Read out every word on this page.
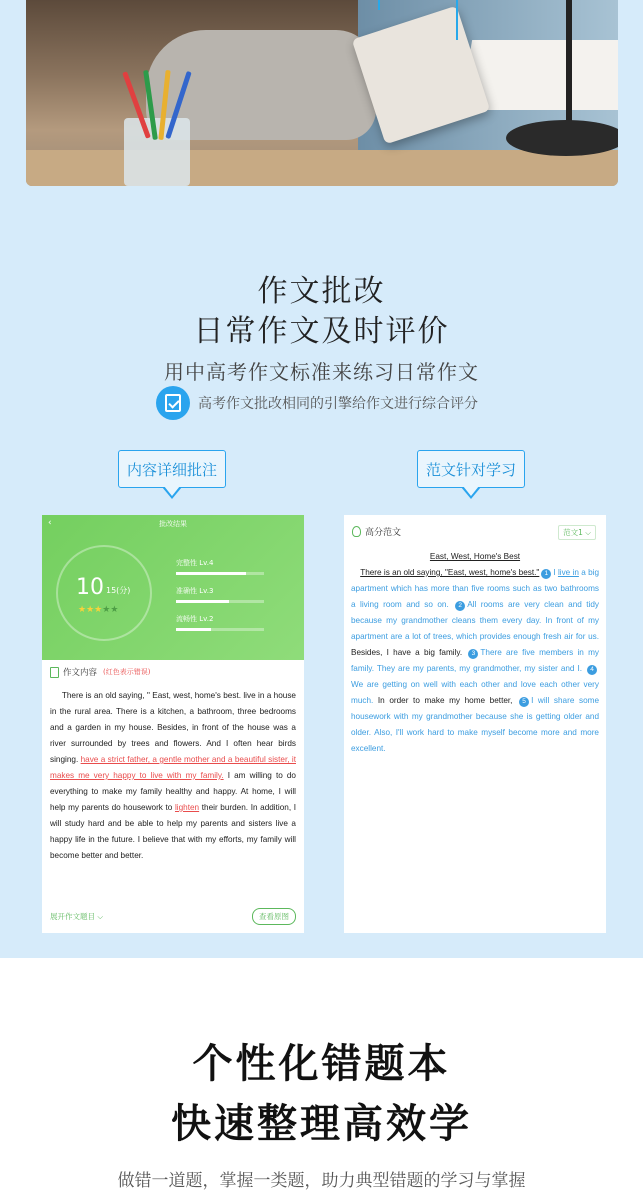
作文批改
日常作文及时评价
用中高考作文标准来练习日常作文
高考作文批改相同的引擎给作文进行综合评分
内容详细批注	范文针对学习
‹	批改结果
10 15(分)
★★★★★
完整性 Lv.4
准确性 Lv.3
流畅性 Lv.2
作文内容 (红色表示错误)
There is an old saying, " East, west, home's best. live in a house in the rural area. There is a kitchen, a bathroom, three bedrooms and a garden in my house. Besides, in front of the house was a river surrounded by trees and flowers. And I often hear birds singing. have a strict father, a gentle mother and a beautiful sister, it makes me very happy to live with my family. I am willing to do everything to make my family healthy and happy. At home, I will help my parents do housework to lighten their burden. In addition, I will study hard and be able to help my parents and sisters live a happy life in the future. I believe that with my efforts, my family will become better and better.
展开作文题目 ⌵	查看原图
高分范文	范文1 ⌵
East, West, Home's Best
There is an old saying, "East, west, home's best." 1 I live in a big apartment which has more than five rooms such as two bathrooms a living room and so on. 2 All rooms are very clean and tidy because my grandmother cleans them every day. In front of my apartment are a lot of trees, which provides enough fresh air for us. Besides, I have a big family. 3 There are five members in my family. They are my parents, my grandmother, my sister and I. 4We are getting on well with each other and love each other very much. In order to make my home better, 5 I will share some housework with my grandmother because she is getting older and older. Also, I'll work hard to make myself become more and more excellent.
个性化错题本
快速整理高效学
做错一道题，掌握一类题，助力典型错题的学习与掌握
